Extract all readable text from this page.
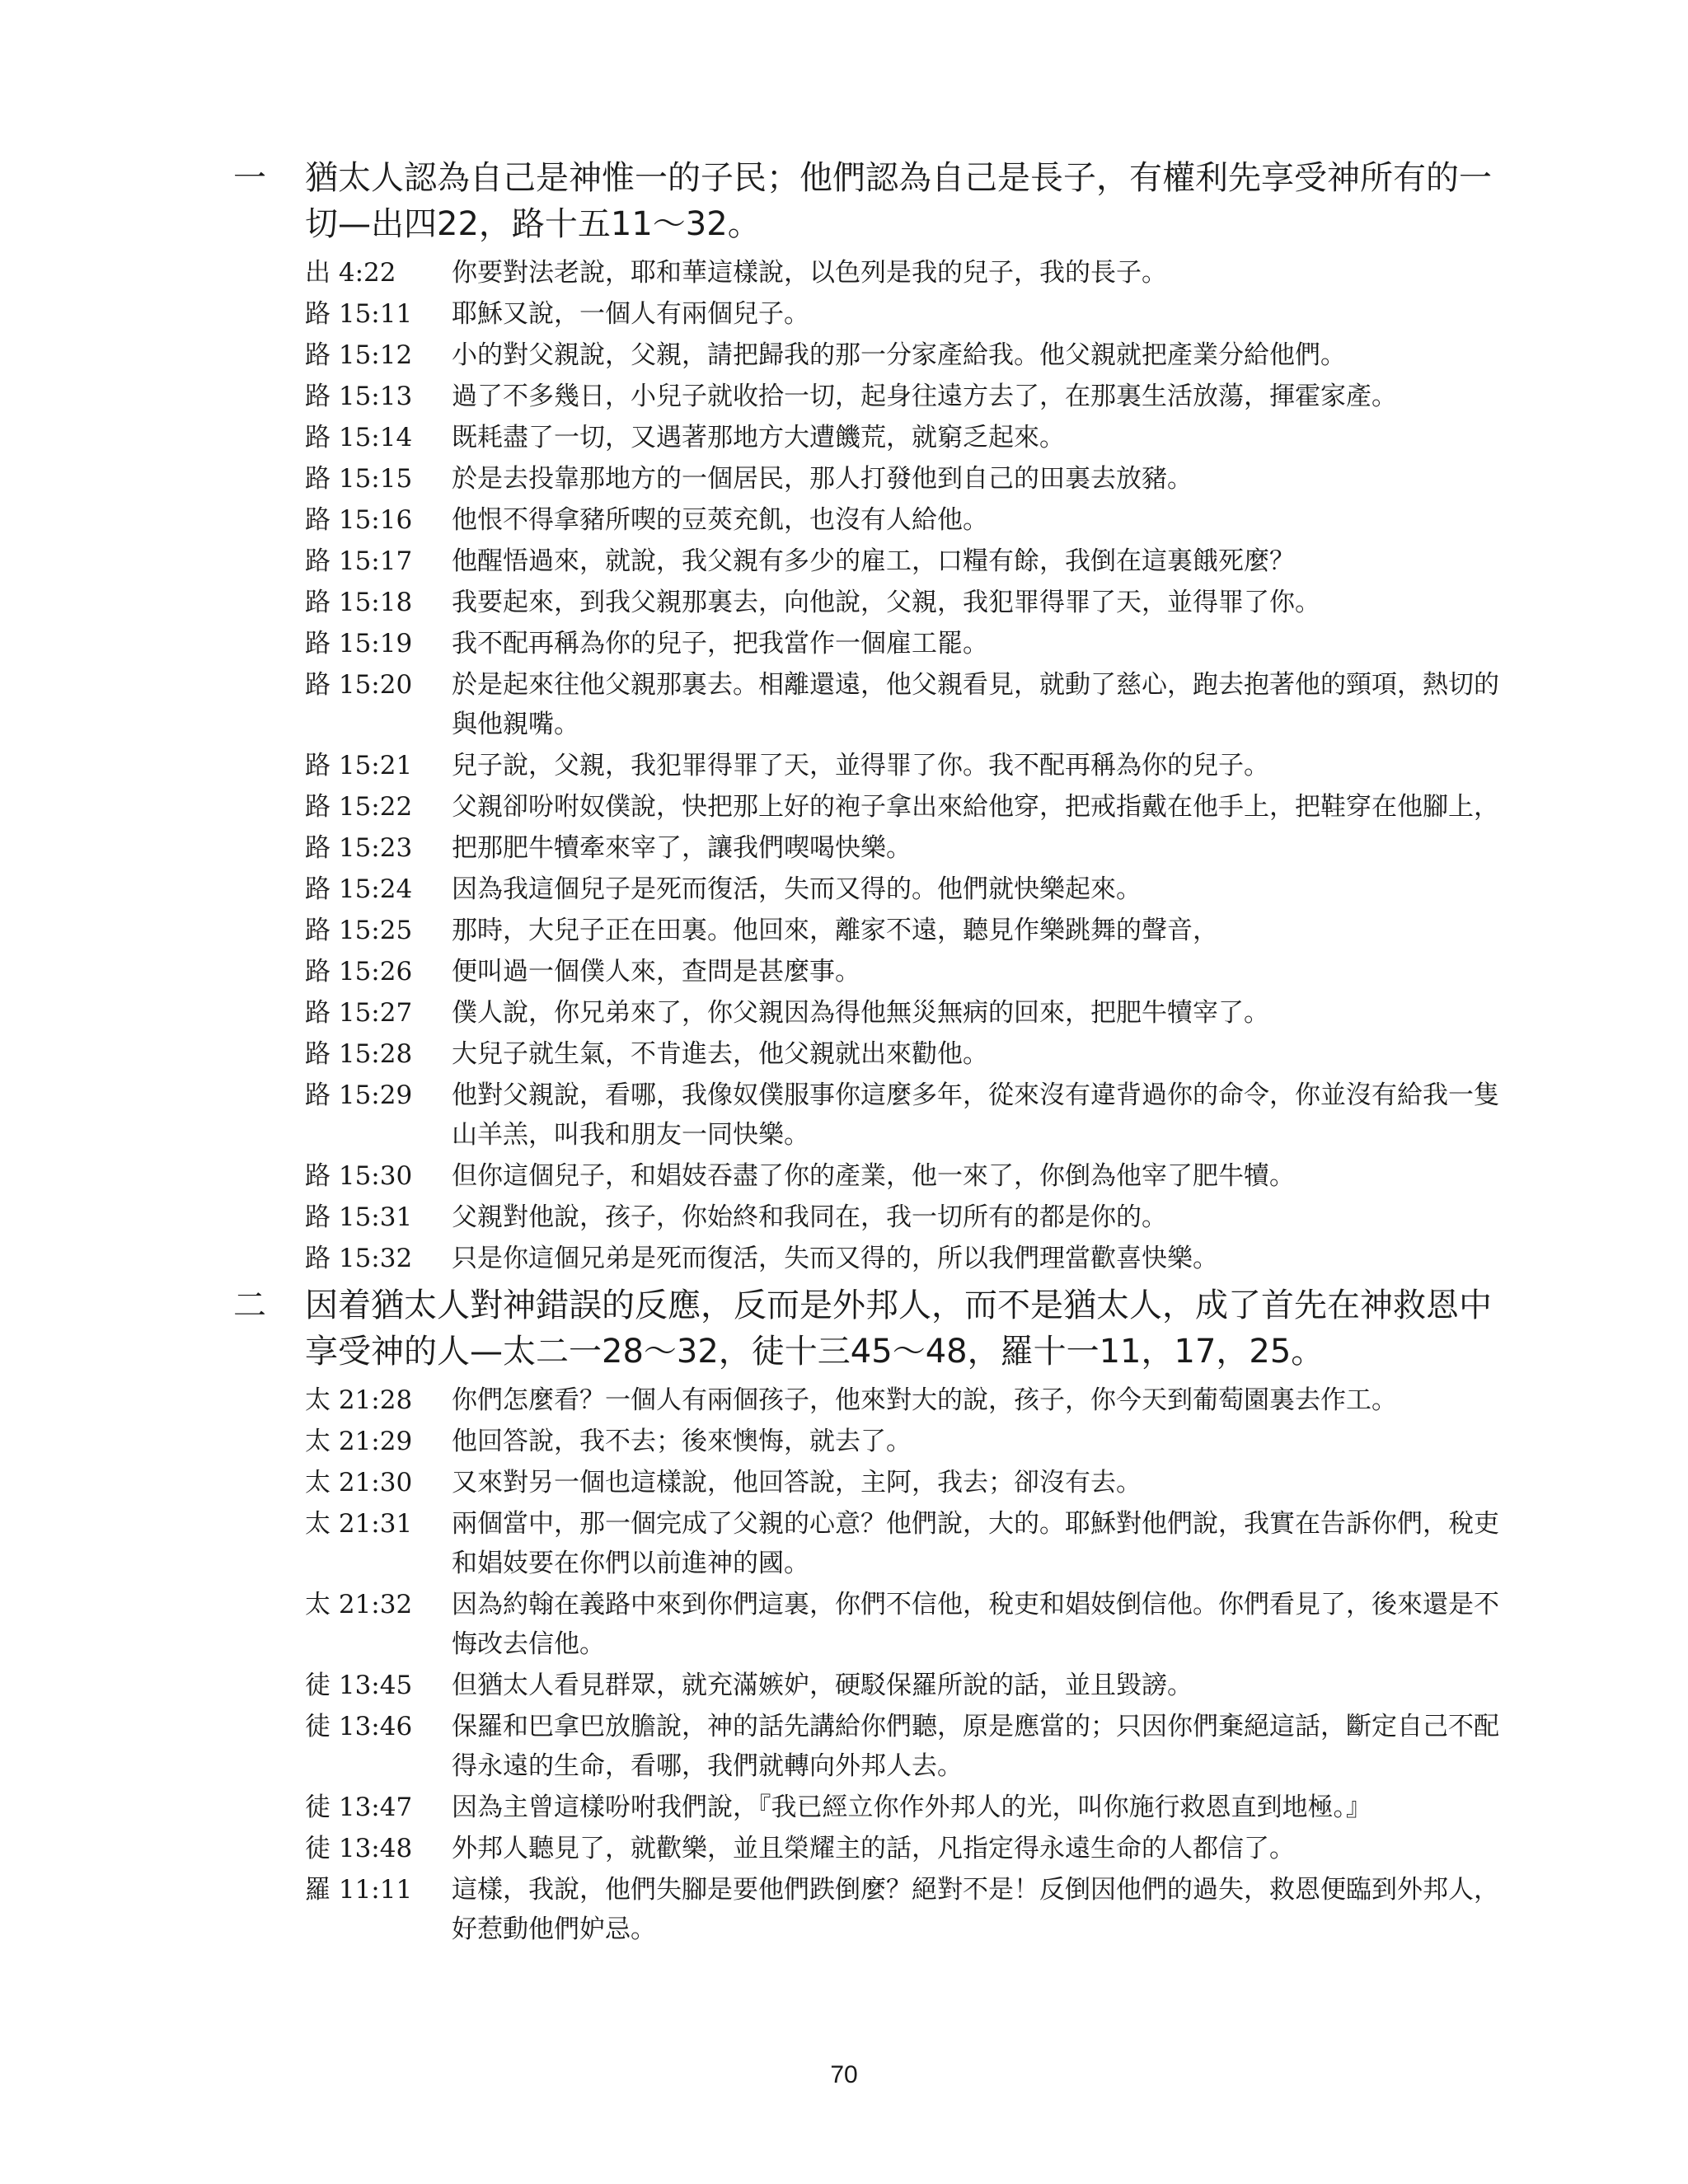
一	猶太人認為自己是神惟一的子民；他們認為自己是長子，有權利先享受神所有的一切—出四22，路十五11～32。
出 4:22	你要對法老說，耶和華這樣說，以色列是我的兒子，我的長子。
路 15:11	耶穌又說，一個人有兩個兒子。
路 15:12	小的對父親說，父親，請把歸我的那一分家產給我。他父親就把產業分給他們。
路 15:13	過了不多幾日，小兒子就收拾一切，起身往遠方去了，在那裏生活放蕩，揮霍家產。
路 15:14	既耗盡了一切，又遇著那地方大遭饑荒，就窮乏起來。
路 15:15	於是去投靠那地方的一個居民，那人打發他到自己的田裏去放豬。
路 15:16	他恨不得拿豬所喫的豆莢充飢，也沒有人給他。
路 15:17	他醒悟過來，就說，我父親有多少的雇工，口糧有餘，我倒在這裏餓死麼？
路 15:18	我要起來，到我父親那裏去，向他說，父親，我犯罪得罪了天，並得罪了你。
路 15:19	我不配再稱為你的兒子，把我當作一個雇工罷。
路 15:20	於是起來往他父親那裏去。相離還遠，他父親看見，就動了慈心，跑去抱著他的頸項，熱切的與他親嘴。
路 15:21	兒子說，父親，我犯罪得罪了天，並得罪了你。我不配再稱為你的兒子。
路 15:22	父親卻吩咐奴僕說，快把那上好的袍子拿出來給他穿，把戒指戴在他手上，把鞋穿在他腳上，
路 15:23	把那肥牛犢牽來宰了，讓我們喫喝快樂。
路 15:24	因為我這個兒子是死而復活，失而又得的。他們就快樂起來。
路 15:25	那時，大兒子正在田裏。他回來，離家不遠，聽見作樂跳舞的聲音，
路 15:26	便叫過一個僕人來，查問是甚麼事。
路 15:27	僕人說，你兄弟來了，你父親因為得他無災無病的回來，把肥牛犢宰了。
路 15:28	大兒子就生氣，不肯進去，他父親就出來勸他。
路 15:29	他對父親說，看哪，我像奴僕服事你這麼多年，從來沒有違背過你的命令，你並沒有給我一隻山羊羔，叫我和朋友一同快樂。
路 15:30	但你這個兒子，和娼妓吞盡了你的產業，他一來了，你倒為他宰了肥牛犢。
路 15:31	父親對他說，孩子，你始終和我同在，我一切所有的都是你的。
路 15:32	只是你這個兄弟是死而復活，失而又得的，所以我們理當歡喜快樂。
二	因着猶太人對神錯誤的反應，反而是外邦人，而不是猶太人，成了首先在神救恩中享受神的人—太二一28～32，徒十三45～48，羅十一11，17，25。
太 21:28	你們怎麼看？一個人有兩個孩子，他來對大的說，孩子，你今天到葡萄園裏去作工。
太 21:29	他回答說，我不去；後來懊悔，就去了。
太 21:30	又來對另一個也這樣說，他回答說，主阿，我去；卻沒有去。
太 21:31	兩個當中，那一個完成了父親的心意？他們說，大的。耶穌對他們說，我實在告訴你們，稅吏和娼妓要在你們以前進神的國。
太 21:32	因為約翰在義路中來到你們這裏，你們不信他，稅吏和娼妓倒信他。你們看見了，後來還是不悔改去信他。
徒 13:45	但猶太人看見群眾，就充滿嫉妒，硬駁保羅所說的話，並且毀謗。
徒 13:46	保羅和巴拿巴放膽說，神的話先講給你們聽，原是應當的；只因你們棄絕這話，斷定自己不配得永遠的生命，看哪，我們就轉向外邦人去。
徒 13:47	因為主曾這樣吩咐我們說，『我已經立你作外邦人的光，叫你施行救恩直到地極。』
徒 13:48	外邦人聽見了，就歡樂，並且榮耀主的話，凡指定得永遠生命的人都信了。
羅 11:11	這樣，我說，他們失腳是要他們跌倒麼？絕對不是！反倒因他們的過失，救恩便臨到外邦人，好惹動他們妒忌。
70
